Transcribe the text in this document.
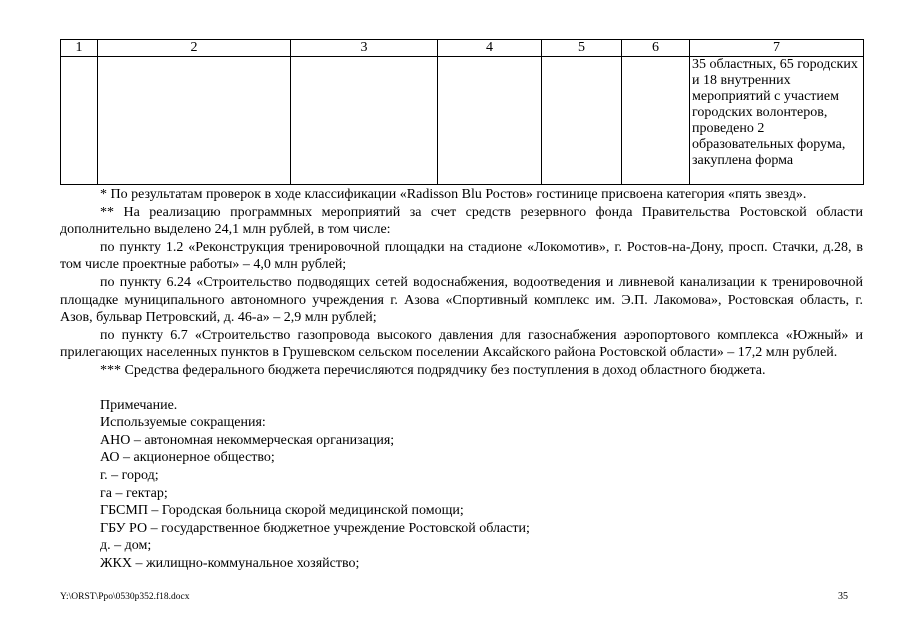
1	2	3	4	5	6	7
						35 областных, 65 городских и 18 внутренних мероприятий с участием городских волонтеров, проведено 2 образовательных форума, закуплена форма

* По результатам проверок в ходе классификации «Radisson Blu Ростов» гостинице присвоена категория «пять звезд».

** На реализацию программных мероприятий за счет средств резервного фонда Правительства Ростовской области дополнительно выделено 24,1 млн рублей, в том числе:

по пункту 1.2 «Реконструкция тренировочной площадки на стадионе «Локомотив», г. Ростов-на-Дону, просп. Стачки, д.28, в том числе проектные работы» – 4,0 млн рублей;

по пункту 6.24 «Строительство подводящих сетей водоснабжения, водоотведения и ливневой канализации к тренировочной площадке муниципального автономного учреждения г. Азова «Спортивный комплекс им. Э.П. Лакомова», Ростовская область, г. Азов, бульвар Петровский, д. 46-а» – 2,9 млн рублей;

по пункту 6.7 «Строительство газопровода высокого давления для газоснабжения аэропортового комплекса «Южный» и прилегающих населенных пунктов в Грушевском сельском поселении Аксайского района Ростовской области» – 17,2 млн рублей.

*** Средства федерального бюджета перечисляются подрядчику без поступления в доход областного бюджета.

Примечание.

Используемые сокращения:

АНО – автономная некоммерческая организация;

АО – акционерное общество;

г. – город;

га – гектар;

ГБСМП – Городская больница скорой медицинской помощи;

ГБУ РО – государственное бюджетное учреждение Ростовской области;

д. – дом;

ЖКХ – жилищно-коммунальное хозяйство;

Y:\ORST\Ppo\0530p352.f18.docx	35
